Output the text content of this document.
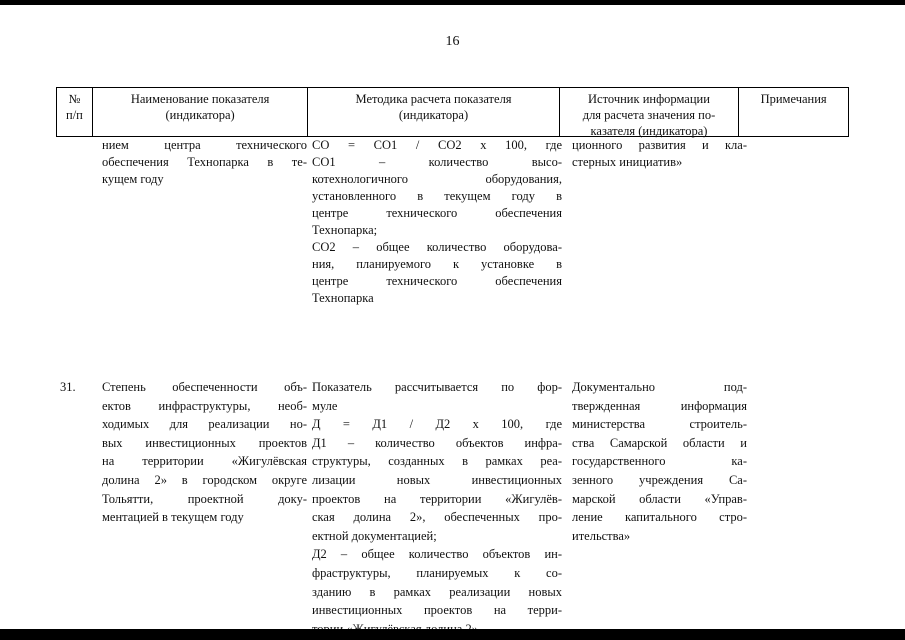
16
№
п/п
Наименование показателя
(индикатора)
Методика расчета показателя
(индикатора)
Источник информации
для расчета значения по-
казателя (индикатора)
Примечания
нием центра технического
обеспечения Технопарка в те-
кущем году
СО = СО1 / СО2 х 100, где
СО1 – количество высо-
котехнологичного оборудования,
установленного в текущем году в
центре технического обеспечения
Технопарка;
СО2 – общее количество оборудова-
ния, планируемого к установке в
центре технического обеспечения
Технопарка
ционного развития и кла-
стерных инициатив»
31.	Степень обеспеченности объ-
ектов инфраструктуры, необ-
ходимых для реализации но-
вых инвестиционных проектов
на территории «Жигулёвская
долина 2» в городском округе
Тольятти, проектной доку-
ментацией в текущем году
Показатель рассчитывается по фор-
муле
Д = Д1 / Д2 х 100, где
Д1 – количество объектов инфра-
структуры, созданных в рамках реа-
лизации новых инвестиционных
проектов на территории «Жигулёв-
ская долина 2», обеспеченных про-
ектной документацией;
Д2 – общее количество объектов ин-
фраструктуры, планируемых к со-
зданию в рамках реализации новых
инвестиционных проектов на терри-
Документально под-
твержденная информация
министерства строитель-
ства Самарской области и
государственного ка-
зенного учреждения Са-
марской области «Управ-
ление капитального стро-
ительства»
